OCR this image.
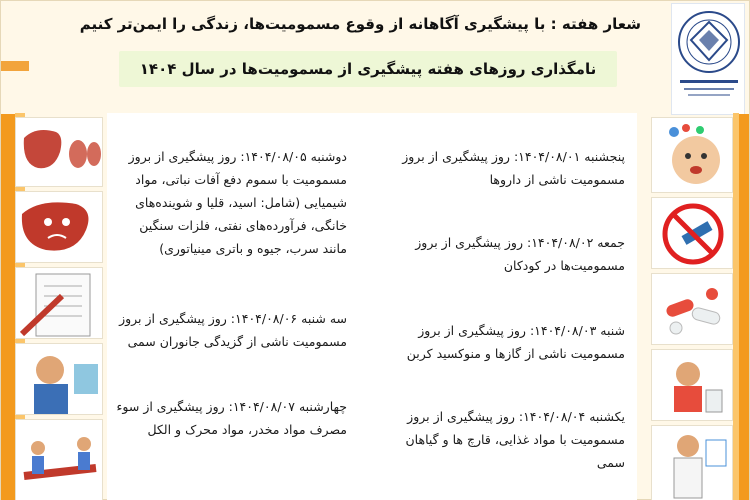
شعار هفته : با پیشگیری آگاهانه از وقوع مسمومیت‌ها، زندگی را ایمن‌تر کنیم
نامگذاری روزهای هفته پیشگیری از مسمومیت‌ها در سال ۱۴۰۴
پنجشنبه ۱۴۰۴/۰۸/۰۱: روز پیشگیری از بروز مسمومیت ناشی از داروها
جمعه ۱۴۰۴/۰۸/۰۲: روز پیشگیری از بروز مسمومیت‌ها در کودکان
شنبه ۱۴۰۴/۰۸/۰۳: روز پیشگیری از بروز مسمومیت ناشی از گازها و منوکسید کربن
یکشنبه ۱۴۰۴/۰۸/۰۴: روز پیشگیری از بروز مسمومیت با مواد غذایی، قارچ ها و گیاهان سمی
دوشنبه ۱۴۰۴/۰۸/۰۵: روز پیشگیری از بروز مسمومیت با سموم دفع آفات نباتی، مواد شیمیایی (شامل: اسید، قلیا و شوینده‌های خانگی، فرآورده‌های نفتی، فلزات سنگین مانند سرب، جیوه و باتری مینیاتوری)
سه شنبه ۱۴۰۴/۰۸/۰۶: روز پیشگیری از بروز مسمومیت ناشی از گزیدگی جانوران سمی
چهارشنبه ۱۴۰۴/۰۸/۰۷: روز پیشگیری از سوء مصرف مواد مخدر، مواد محرک و الکل
